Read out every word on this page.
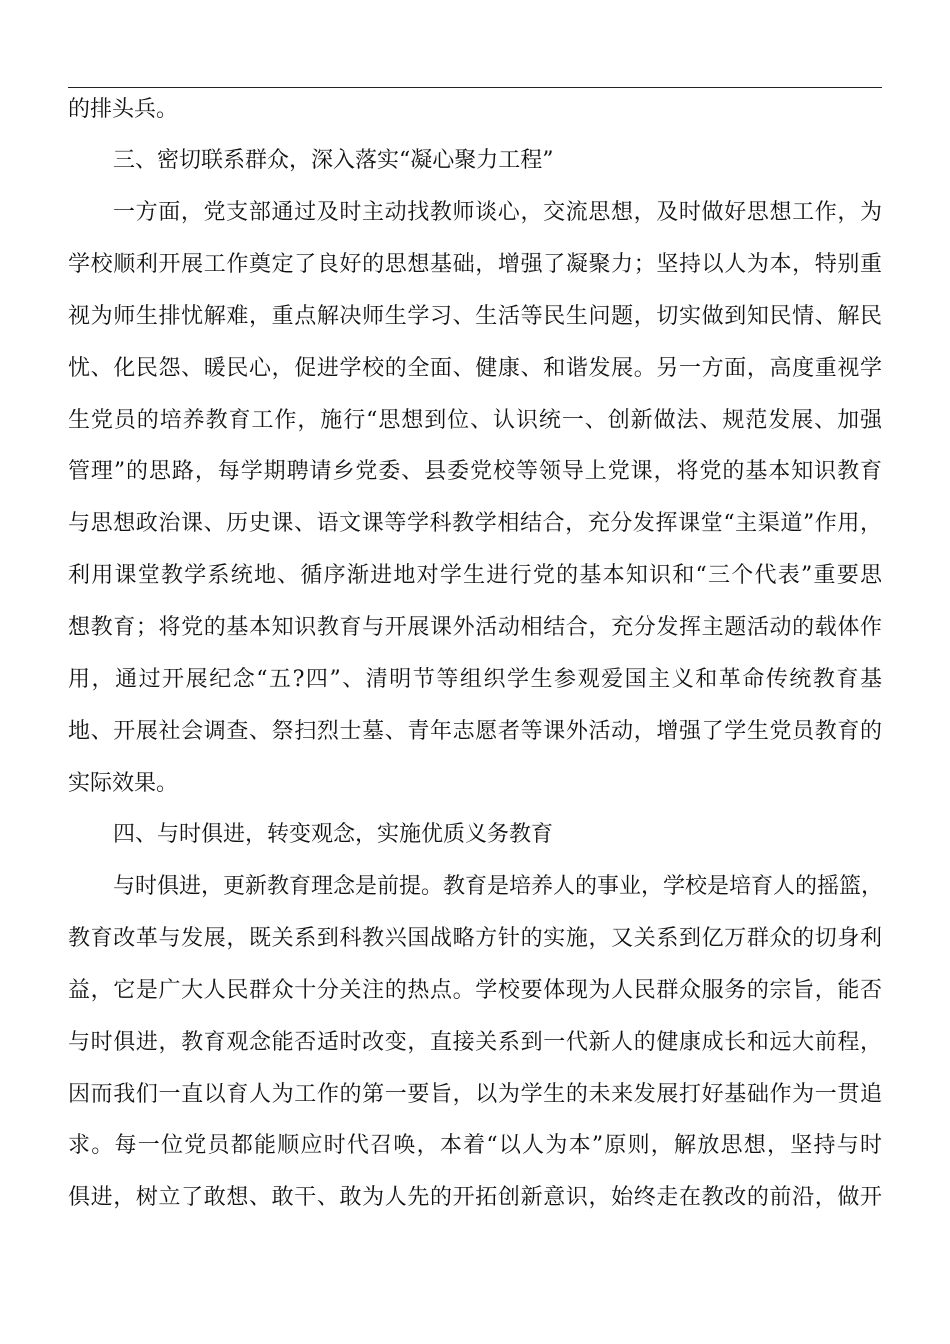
的排头兵。
三、密切联系群众，深入落实“凝心聚力工程”
一方面，党支部通过及时主动找教师谈心，交流思想，及时做好思想工作，为
学校顺利开展工作奠定了良好的思想基础，增强了凝聚力；坚持以人为本，特别重
视为师生排忧解难，重点解决师生学习、生活等民生问题，切实做到知民情、解民
忧、化民怨、暖民心，促进学校的全面、健康、和谐发展。另一方面，高度重视学
生党员的培养教育工作，施行“思想到位、认识统一、创新做法、规范发展、加强
管理”的思路，每学期聘请乡党委、县委党校等领导上党课，将党的基本知识教育
与思想政治课、历史课、语文课等学科教学相结合，充分发挥课堂“主渠道”作用，
利用课堂教学系统地、循序渐进地对学生进行党的基本知识和“三个代表”重要思
想教育；将党的基本知识教育与开展课外活动相结合，充分发挥主题活动的载体作
用，通过开展纪念“五?四”、清明节等组织学生参观爱国主义和革命传统教育基
地、开展社会调查、祭扫烈士墓、青年志愿者等课外活动，增强了学生党员教育的
实际效果。
四、与时俱进，转变观念，实施优质义务教育
与时俱进，更新教育理念是前提。教育是培养人的事业，学校是培育人的摇篮，
教育改革与发展，既关系到科教兴国战略方针的实施，又关系到亿万群众的切身利
益，它是广大人民群众十分关注的热点。学校要体现为人民群众服务的宗旨，能否
与时俱进，教育观念能否适时改变，直接关系到一代新人的健康成长和远大前程，
因而我们一直以育人为工作的第一要旨，以为学生的未来发展打好基础作为一贯追
求。每一位党员都能顺应时代召唤，本着“以人为本”原则，解放思想，坚持与时
俱进，树立了敢想、敢干、敢为人先的开拓创新意识，始终走在教改的前沿，做开
